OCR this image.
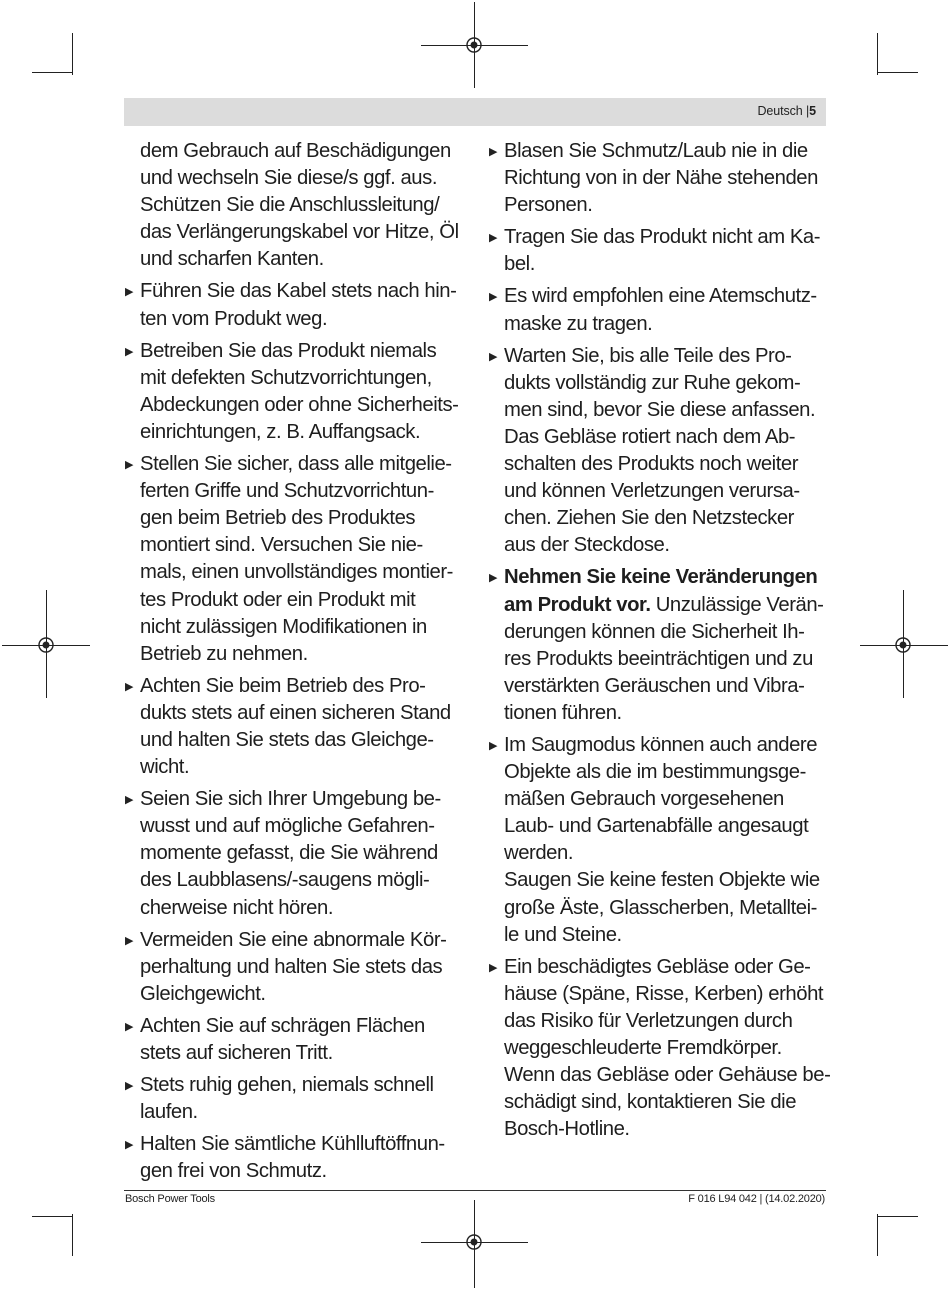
Deutsch |5
dem Gebrauch auf Beschädigungen
und wechseln Sie diese/s ggf. aus.
Schützen Sie die Anschlussleitung/
das Verlängerungskabel vor Hitze, Öl
und scharfen Kanten.
▶ Führen Sie das Kabel stets nach hin-
ten vom Produkt weg.
▶ Betreiben Sie das Produkt niemals
mit defekten Schutzvorrichtungen,
Abdeckungen oder ohne Sicherheits-
einrichtungen, z. B. Auffangsack.
▶ Stellen Sie sicher, dass alle mitgelie-
ferten Griffe und Schutzvorrichtun-
gen beim Betrieb des Produktes
montiert sind. Versuchen Sie nie-
mals, einen unvollständiges montier-
tes Produkt oder ein Produkt mit
nicht zulässigen Modifikationen in
Betrieb zu nehmen.
▶ Achten Sie beim Betrieb des Pro-
dukts stets auf einen sicheren Stand
und halten Sie stets das Gleichge-
wicht.
▶ Seien Sie sich Ihrer Umgebung be-
wusst und auf mögliche Gefahren-
momente gefasst, die Sie während
des Laubblasens/-saugens mögli-
cherweise nicht hören.
▶ Vermeiden Sie eine abnormale Kör-
perhaltung und halten Sie stets das
Gleichgewicht.
▶ Achten Sie auf schrägen Flächen
stets auf sicheren Tritt.
▶ Stets ruhig gehen, niemals schnell
laufen.
▶ Halten Sie sämtliche Kühlluftöffnun-
gen frei von Schmutz.
▶ Blasen Sie Schmutz/Laub nie in die
Richtung von in der Nähe stehenden
Personen.
▶ Tragen Sie das Produkt nicht am Ka-
bel.
▶ Es wird empfohlen eine Atemschutz-
maske zu tragen.
▶ Warten Sie, bis alle Teile des Pro-
dukts vollständig zur Ruhe gekom-
men sind, bevor Sie diese anfassen.
Das Gebläse rotiert nach dem Ab-
schalten des Produkts noch weiter
und können Verletzungen verursa-
chen. Ziehen Sie den Netzstecker
aus der Steckdose.
▶ Nehmen Sie keine Veränderungen
am Produkt vor. Unzulässige Verän-
derungen können die Sicherheit Ih-
res Produkts beeinträchtigen und zu
verstärkten Geräuschen und Vibra-
tionen führen.
▶ Im Saugmodus können auch andere
Objekte als die im bestimmungsge-
mäßen Gebrauch vorgesehenen
Laub- und Gartenabfälle angesaugt
werden.
Saugen Sie keine festen Objekte wie
große Äste, Glasscherben, Metalltei-
le und Steine.
▶ Ein beschädigtes Gebläse oder Ge-
häuse (Späne, Risse, Kerben) erhöht
das Risiko für Verletzungen durch
weggeschleuderte Fremdkörper.
Wenn das Gebläse oder Gehäuse be-
schädigt sind, kontaktieren Sie die
Bosch-Hotline.
Bosch Power Tools	F 016 L94 042 | (14.02.2020)
